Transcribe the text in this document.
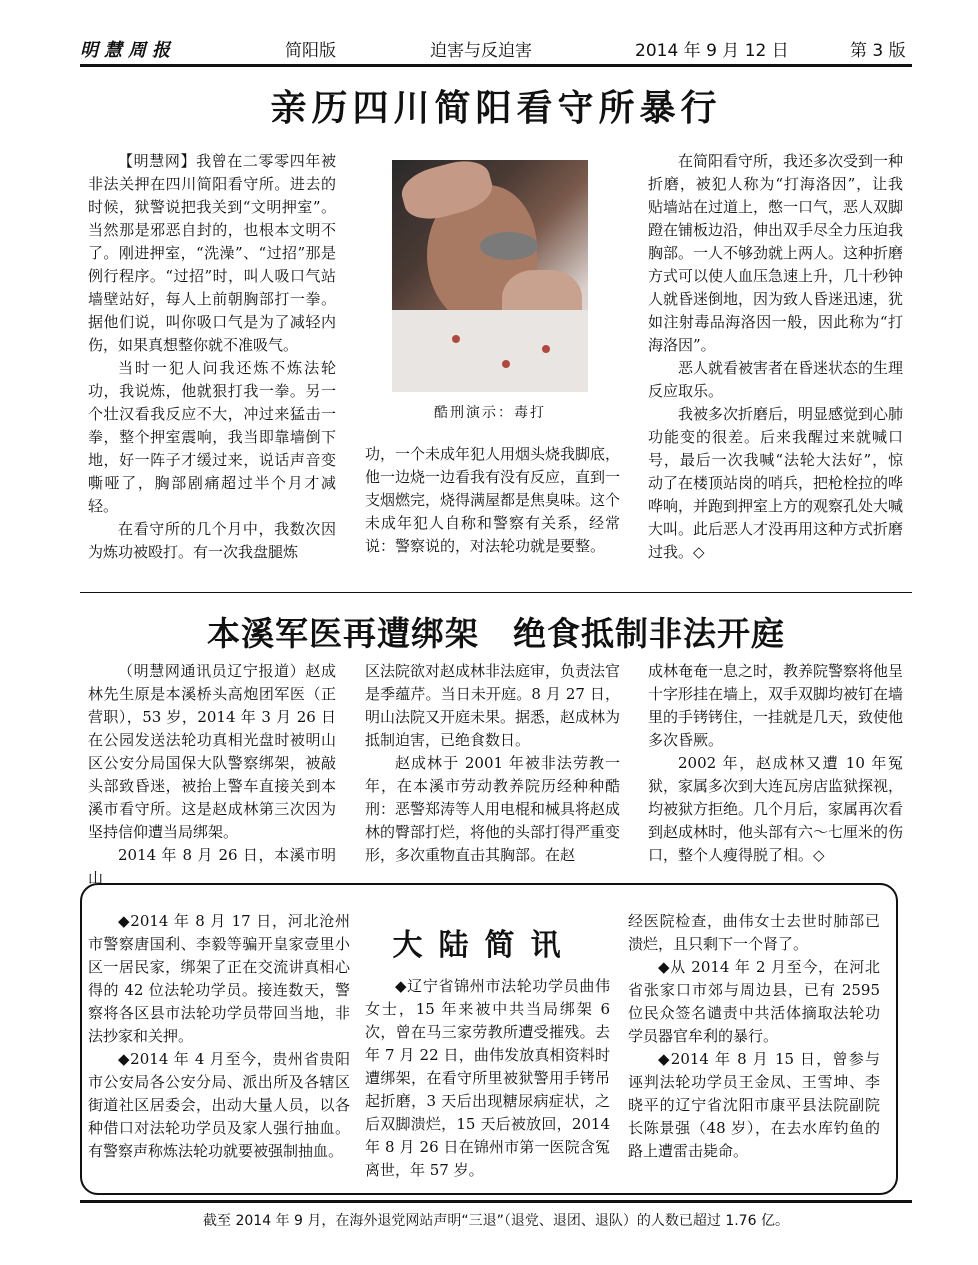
明慧周报	简阳版	迫害与反迫害	2014 年 9 月 12 日	第 3 版
亲历四川简阳看守所暴行

【明慧网】我曾在二零零四年被非法关押在四川简阳看守所。进去的时候，狱警说把我关到“文明押室”。当然那是邪恶自封的，也根本文明不了。刚进押室，“洗澡”、“过招”那是例行程序。“过招”时，叫人吸口气站墙壁站好，每人上前朝胸部打一拳。据他们说，叫你吸口气是为了减轻内伤，如果真想整你就不准吸气。

当时一犯人问我还炼不炼法轮功，我说炼，他就狠打我一拳。另一个壮汉看我反应不大，冲过来猛击一拳，整个押室震响，我当即靠墙倒下地，好一阵子才缓过来，说话声音变嘶哑了，胸部剧痛超过半个月才减轻。

在看守所的几个月中，我数次因为炼功被殴打。有一次我盘腿炼

酷刑演示：毒打

功，一个未成年犯人用烟头烧我脚底，他一边烧一边看我有没有反应，直到一支烟燃完，烧得满屋都是焦臭味。这个未成年犯人自称和警察有关系，经常说：警察说的，对法轮功就是要整。

在简阳看守所，我还多次受到一种折磨，被犯人称为“打海洛因”，让我贴墙站在过道上，憋一口气，恶人双脚蹬在铺板边沿，伸出双手尽全力压迫我胸部。一人不够劲就上两人。这种折磨方式可以使人血压急速上升，几十秒钟人就昏迷倒地，因为致人昏迷迅速，犹如注射毒品海洛因一般，因此称为“打海洛因”。

恶人就看被害者在昏迷状态的生理反应取乐。

我被多次折磨后，明显感觉到心肺功能变的很差。后来我醒过来就喊口号，最后一次我喊“法轮大法好”，惊动了在楼顶站岗的哨兵，把枪栓拉的哗哗响，并跑到押室上方的观察孔处大喊大叫。此后恶人才没再用这种方式折磨过我。◇

本溪军医再遭绑架　绝食抵制非法开庭

（明慧网通讯员辽宁报道）赵成林先生原是本溪桥头高炮团军医（正营职），53 岁，2014 年 3 月 26 日在公园发送法轮功真相光盘时被明山区公安分局国保大队警察绑架，被敲头部致昏迷，被抬上警车直接关到本溪市看守所。这是赵成林第三次因为坚持信仰遭当局绑架。

2014 年 8 月 26 日，本溪市明山

区法院欲对赵成林非法庭审，负责法官是季蕴芹。当日未开庭。8 月 27 日，明山法院又开庭未果。据悉，赵成林为抵制迫害，已绝食数日。

赵成林于 2001 年被非法劳教一年，在本溪市劳动教养院历经种种酷刑：恶警郑涛等人用电棍和械具将赵成林的臀部打烂，将他的头部打得严重变形，多次重物直击其胸部。在赵

成林奄奄一息之时，教养院警察将他呈十字形挂在墙上，双手双脚均被钉在墙里的手铐铐住，一挂就是几天，致使他多次昏厥。

2002 年，赵成林又遭 10 年冤狱，家属多次到大连瓦房店监狱探视，均被狱方拒绝。几个月后，家属再次看到赵成林时，他头部有六～七厘米的伤口，整个人瘦得脱了相。◇

大陆简讯

◆2014 年 8 月 17 日，河北沧州市警察唐国利、李毅等骗开皇家壹里小区一居民家，绑架了正在交流讲真相心得的 42 位法轮功学员。接连数天，警察将各区县市法轮功学员带回当地，非法抄家和关押。

◆2014 年 4 月至今，贵州省贵阳市公安局各公安分局、派出所及各辖区街道社区居委会，出动大量人员，以各种借口对法轮功学员及家人强行抽血。有警察声称炼法轮功就要被强制抽血。

◆辽宁省锦州市法轮功学员曲伟女士，15 年来被中共当局绑架 6 次，曾在马三家劳教所遭受摧残。去年 7 月 22 日，曲伟发放真相资料时遭绑架，在看守所里被狱警用手铐吊起折磨，3 天后出现糖尿病症状，之后双脚溃烂，15 天后被放回，2014 年 8 月 26 日在锦州市第一医院含冤离世，年 57 岁。

经医院检查，曲伟女士去世时肺部已溃烂，且只剩下一个肾了。

◆从 2014 年 2 月至今，在河北省张家口市郊与周边县，已有 2595 位民众签名谴责中共活体摘取法轮功学员器官牟利的暴行。

◆2014 年 8 月 15 日，曾参与诬判法轮功学员王金凤、王雪坤、李晓平的辽宁省沈阳市康平县法院副院长陈景强（48 岁），在去水库钓鱼的路上遭雷击毙命。

截至 2014 年 9 月，在海外退党网站声明“三退”（退党、退团、退队）的人数已超过 1.76 亿。
